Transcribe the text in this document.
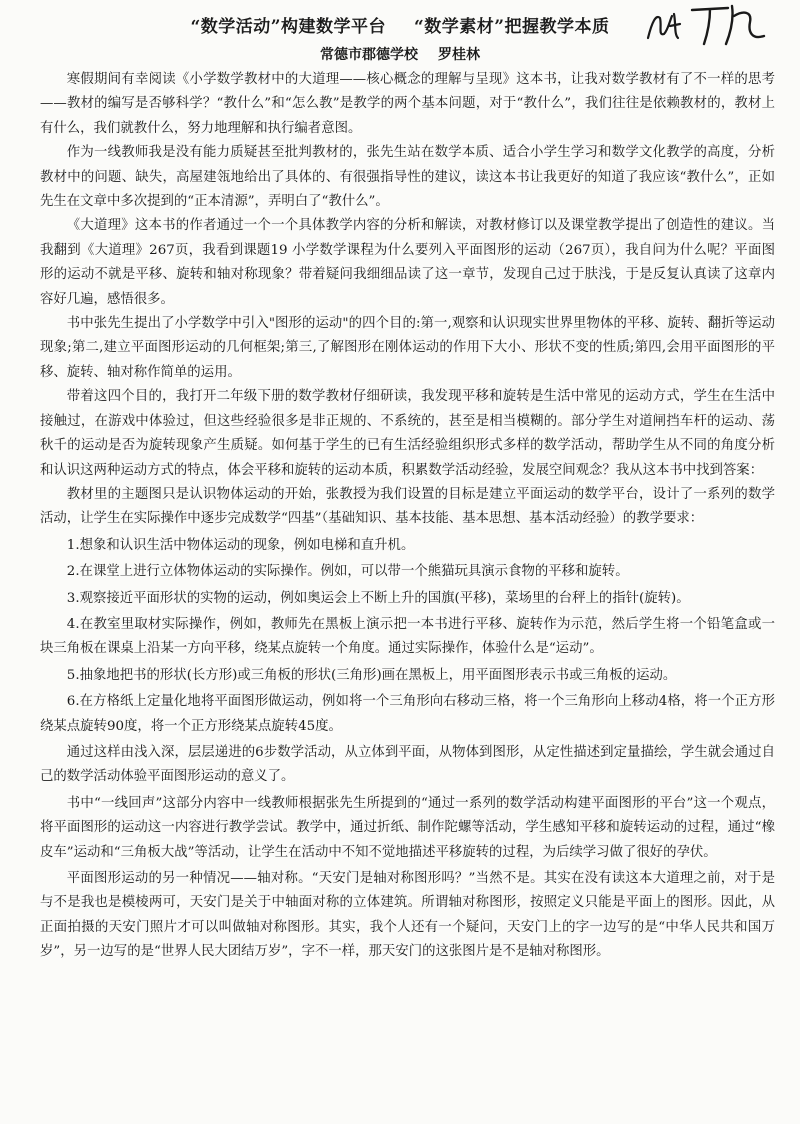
“数学活动”构建数学平台 “数学素材”把握教学本质
常德市郡德学校 罗桂林

寒假期间有幸阅读《小学数学教材中的大道理——核心概念的理解与呈现》这本书，让我对数学教材有了不一样的思考——教材的编写是否够科学？“教什么”和“怎么教”是教学的两个基本问题，对于“教什么”，我们往往是依赖教材的，教材上有什么，我们就教什么，努力地理解和执行编者意图。

作为一线教师我是没有能力质疑甚至批判教材的，张先生站在数学本质、适合小学生学习和数学文化教学的高度，分析教材中的问题、缺失，高屋建瓴地给出了具体的、有很强指导性的建议，读这本书让我更好的知道了我应该“教什么”，正如先生在文章中多次提到的“正本清源”，弄明白了“教什么”。

《大道理》这本书的作者通过一个一个具体教学内容的分析和解读，对教材修订以及课堂教学提出了创造性的建议。当我翻到《大道理》267页，我看到课题19 小学数学课程为什么要列入平面图形的运动（267页），我自问为什么呢？平面图形的运动不就是平移、旋转和轴对称现象？带着疑问我细细品读了这一章节，发现自己过于肤浅，于是反复认真读了这章内容好几遍，感悟很多。

书中张先生提出了小学数学中引入"图形的运动"的四个目的:第一,观察和认识现实世界里物体的平移、旋转、翻折等运动现象;第二,建立平面图形运动的几何框架;第三,了解图形在刚体运动的作用下大小、形状不变的性质;第四,会用平面图形的平移、旋转、轴对称作简单的运用。

带着这四个目的，我打开二年级下册的数学教材仔细研读，我发现平移和旋转是生活中常见的运动方式，学生在生活中接触过，在游戏中体验过，但这些经验很多是非正规的、不系统的，甚至是相当模糊的。部分学生对道闸挡车杆的运动、荡秋千的运动是否为旋转现象产生质疑。如何基于学生的已有生活经验组织形式多样的数学活动，帮助学生从不同的角度分析和认识这两种运动方式的特点，体会平移和旋转的运动本质，积累数学活动经验，发展空间观念？我从这本书中找到答案：

教材里的主题图只是认识物体运动的开始，张教授为我们设置的目标是建立平面运动的数学平台，设计了一系列的数学活动，让学生在实际操作中逐步完成数学“四基”（基础知识、基本技能、基本思想、基本活动经验）的教学要求：

1.想象和认识生活中物体运动的现象，例如电梯和直升机。

2.在课堂上进行立体物体运动的实际操作。例如，可以带一个熊猫玩具演示食物的平移和旋转。

3.观察接近平面形状的实物的运动，例如奥运会上不断上升的国旗(平移)，菜场里的台秤上的指针(旋转)。

4.在教室里取材实际操作，例如，教师先在黑板上演示把一本书进行平移、旋转作为示范，然后学生将一个铅笔盒或一块三角板在课桌上沿某一方向平移，绕某点旋转一个角度。通过实际操作，体验什么是“运动”。

5.抽象地把书的形状(长方形)或三角板的形状(三角形)画在黑板上，用平面图形表示书或三角板的运动。

6.在方格纸上定量化地将平面图形做运动，例如将一个三角形向右移动三格，将一个三角形向上移动4格，将一个正方形绕某点旋转90度，将一个正方形绕某点旋转45度。

通过这样由浅入深，层层递进的6步数学活动，从立体到平面，从物体到图形，从定性描述到定量描绘，学生就会通过自己的数学活动体验平面图形运动的意义了。

书中“一线回声”这部分内容中一线教师根据张先生所提到的“通过一系列的数学活动构建平面图形的平台”这一个观点，将平面图形的运动这一内容进行教学尝试。教学中，通过折纸、制作陀螺等活动，学生感知平移和旋转运动的过程，通过“橡皮车”运动和“三角板大战”等活动，让学生在活动中不知不觉地描述平移旋转的过程，为后续学习做了很好的孕伏。

平面图形运动的另一种情况——轴对称。“天安门是轴对称图形吗？”当然不是。其实在没有读这本大道理之前，对于是与不是我也是模棱两可，天安门是关于中轴面对称的立体建筑。所谓轴对称图形，按照定义只能是平面上的图形。因此，从正面拍摄的天安门照片才可以叫做轴对称图形。其实，我个人还有一个疑问，天安门上的字一边写的是“中华人民共和国万岁”，另一边写的是“世界人民大团结万岁”，字不一样，那天安门的这张图片是不是轴对称图形。
